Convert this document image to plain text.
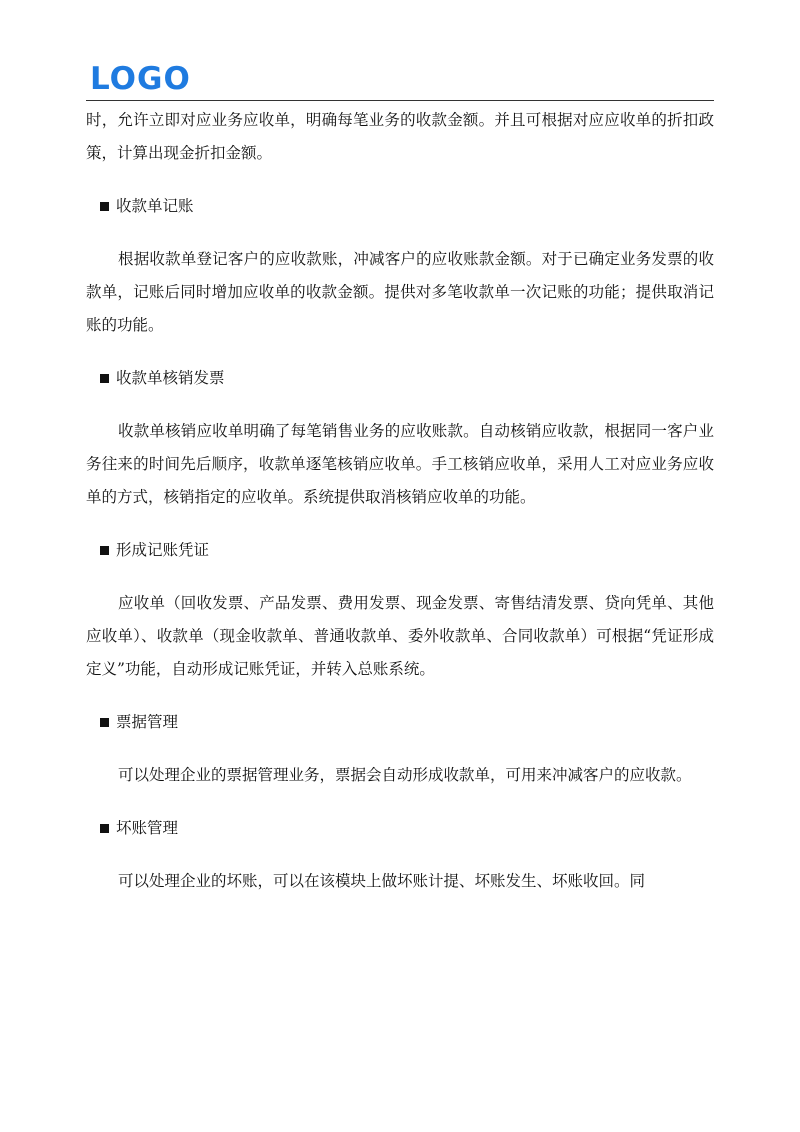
LOGO

时，允许立即对应业务应收单，明确每笔业务的收款金额。并且可根据对应应收单的折扣政策，计算出现金折扣金额。

收款单记账

根据收款单登记客户的应收款账，冲减客户的应收账款金额。对于已确定业务发票的收款单，记账后同时增加应收单的收款金额。提供对多笔收款单一次记账的功能；提供取消记账的功能。

收款单核销发票

收款单核销应收单明确了每笔销售业务的应收账款。自动核销应收款，根据同一客户业务往来的时间先后顺序，收款单逐笔核销应收单。手工核销应收单，采用人工对应业务应收单的方式，核销指定的应收单。系统提供取消核销应收单的功能。

形成记账凭证

应收单（回收发票、产品发票、费用发票、现金发票、寄售结清发票、贷向凭单、其他应收单）、收款单（现金收款单、普通收款单、委外收款单、合同收款单）可根据“凭证形成定义”功能，自动形成记账凭证，并转入总账系统。

票据管理

可以处理企业的票据管理业务，票据会自动形成收款单，可用来冲减客户的应收款。

坏账管理

可以处理企业的坏账，可以在该模块上做坏账计提、坏账发生、坏账收回。同
